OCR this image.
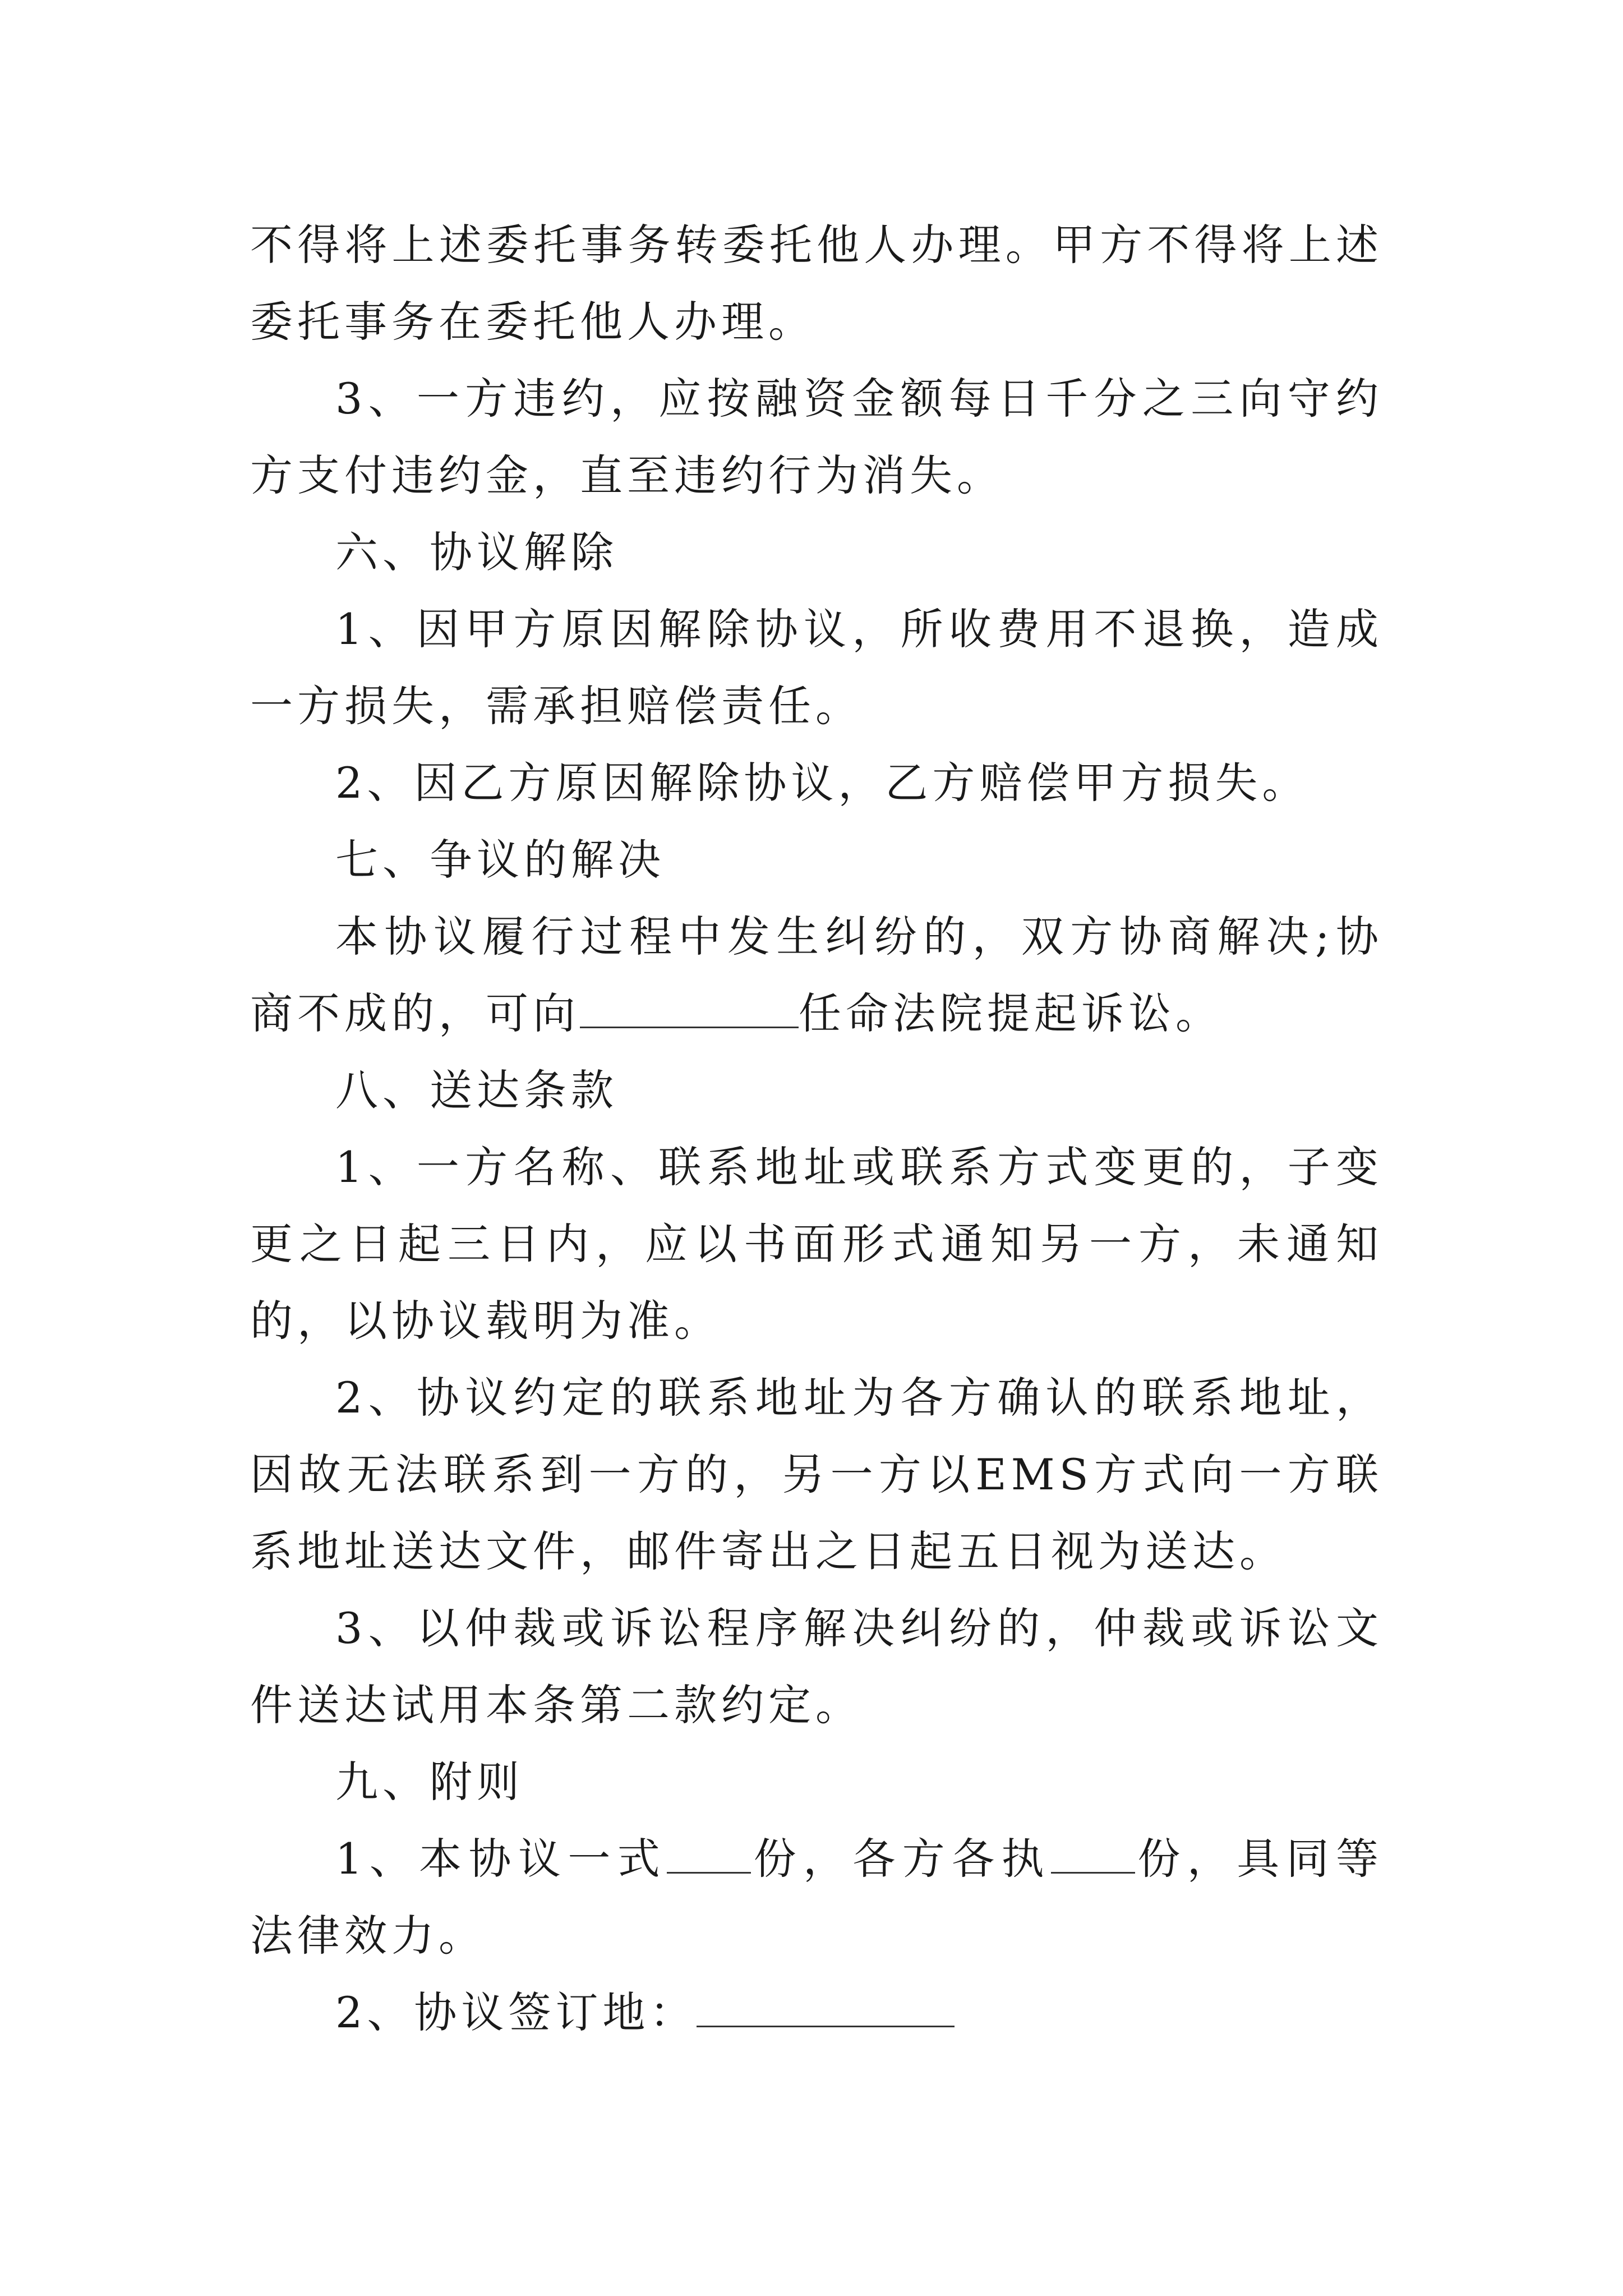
不得将上述委托事务转委托他人办理。甲方不得将上述委托事务在委托他人办理。

3、一方违约，应按融资金额每日千分之三向守约方支付违约金，直至违约行为消失。

六、协议解除

1、因甲方原因解除协议，所收费用不退换，造成一方损失，需承担赔偿责任。

2、因乙方原因解除协议，乙方赔偿甲方损失。

七、争议的解决

本协议履行过程中发生纠纷的，双方协商解决;协商不成的，可向	任命法院提起诉讼。

八、送达条款

1、一方名称、联系地址或联系方式变更的，子变更之日起三日内，应以书面形式通知另一方，未通知的，以协议载明为准。

2、协议约定的联系地址为各方确认的联系地址，因故无法联系到一方的，另一方以EMS方式向一方联系地址送达文件，邮件寄出之日起五日视为送达。

3、以仲裁或诉讼程序解决纠纷的，仲裁或诉讼文件送达试用本条第二款约定。

九、附则

1、本协议一式 份，各方各执 份，具同等法律效力。

2、协议签订地：
